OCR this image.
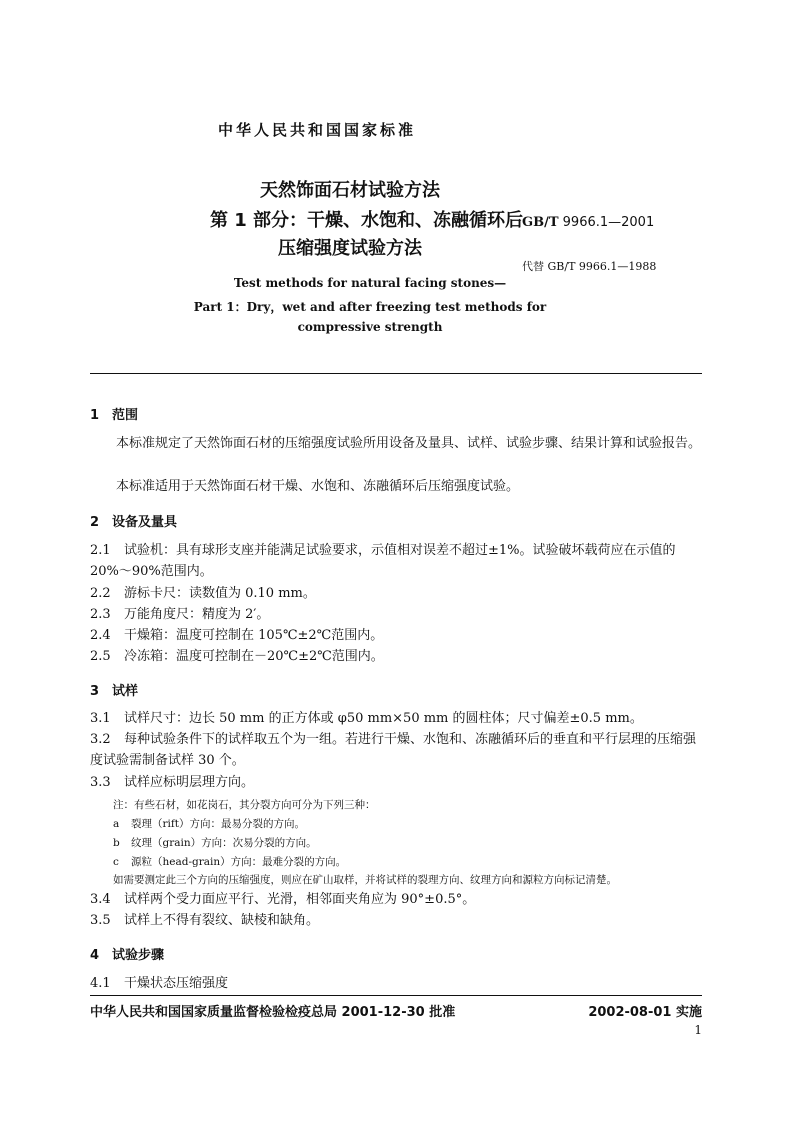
中华人民共和国国家标准
天然饰面石材试验方法
第 1 部分：干燥、水饱和、冻融循环后
压缩强度试验方法
GB/T 9966.1—2001
代替 GB/T 9966.1—1988
Test methods for natural facing stones—
Part 1：Dry，wet and after freezing test methods for
compressive strength
1 范围
本标准规定了天然饰面石材的压缩强度试验所用设备及量具、试样、试验步骤、结果计算和试验报告。
本标准适用于天然饰面石材干燥、水饱和、冻融循环后压缩强度试验。
2 设备及量具
2.1 试验机：具有球形支座并能满足试验要求，示值相对误差不超过±1%。试验破坏载荷应在示值的20%～90%范围内。
2.2 游标卡尺：读数值为 0.10 mm。
2.3 万能角度尺：精度为 2′。
2.4 干燥箱：温度可控制在 105℃±2℃范围内。
2.5 冷冻箱：温度可控制在－20℃±2℃范围内。
3 试样
3.1 试样尺寸：边长 50 mm 的正方体或 φ50 mm×50 mm 的圆柱体；尺寸偏差±0.5 mm。
3.2 每种试验条件下的试样取五个为一组。若进行干燥、水饱和、冻融循环后的垂直和平行层理的压缩强度试验需制备试样 30 个。
3.3 试样应标明层理方向。
注：有些石材，如花岗石，其分裂方向可分为下列三种：
a 裂理（rift）方向：最易分裂的方向。
b 纹理（grain）方向：次易分裂的方向。
c 源粒（head-grain）方向：最难分裂的方向。
如需要测定此三个方向的压缩强度，则应在矿山取样，并将试样的裂理方向、纹理方向和源粒方向标记清楚。
3.4 试样两个受力面应平行、光滑，相邻面夹角应为 90°±0.5°。
3.5 试样上不得有裂纹、缺棱和缺角。
4 试验步骤
4.1 干燥状态压缩强度
中华人民共和国国家质量监督检验检疫总局 2001-12-30 批准	2002-08-01 实施
1
